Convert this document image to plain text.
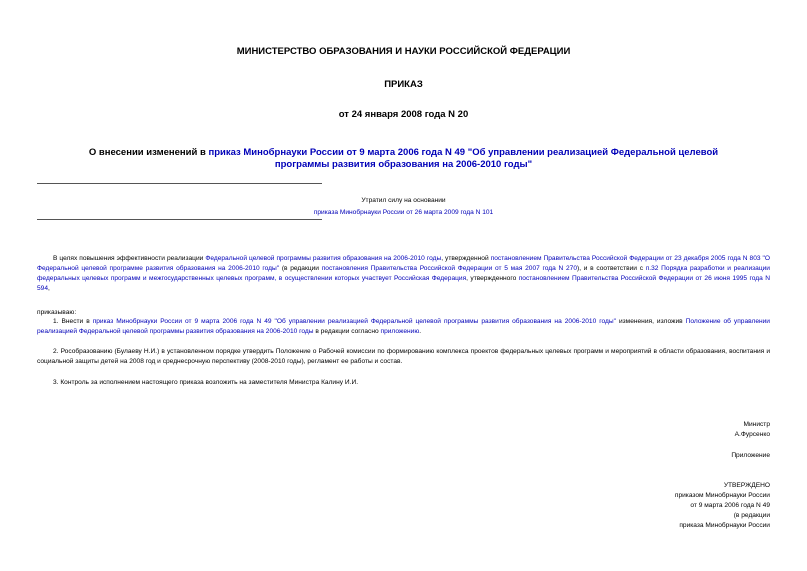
МИНИСТЕРСТВО ОБРАЗОВАНИЯ И НАУКИ РОССИЙСКОЙ ФЕДЕРАЦИИ
ПРИКАЗ
от 24 января 2008 года N 20
О внесении изменений в приказ Минобрнауки России от 9 марта 2006 года N 49 "Об управлении реализацией Федеральной целевой программы развития образования на 2006-2010 годы"
Утратил силу на основании
приказа Минобрнауки России от 26 марта 2009 года N 101
В целях повышения эффективности реализации Федеральной целевой программы развития образования на 2006-2010 годы, утвержденной постановлением Правительства Российской Федерации от 23 декабря 2005 года N 803 "О Федеральной целевой программе развития образования на 2006-2010 годы" (в редакции постановления Правительства Российской Федерации от 5 мая 2007 года N 270), и в соответствии с п.32 Порядка разработки и реализации федеральных целевых программ и межгосударственных целевых программ, в осуществлении которых участвует Российская Федерация, утвержденного постановлением Правительства Российской Федерации от 26 июня 1995 года N 594,
приказываю:
1. Внести в приказ Минобрнауки России от 9 марта 2006 года N 49 "Об управлении реализацией Федеральной целевой программы развития образования на 2006-2010 годы" изменения, изложив Положение об управлении реализацией Федеральной целевой программы развития образования на 2006-2010 годы в редакции согласно приложению.
2. Рособразованию (Булаеву Н.И.) в установленном порядке утвердить Положение о Рабочей комиссии по формированию комплекса проектов федеральных целевых программ и мероприятий в области образования, воспитания и социальной защиты детей на 2008 год и среднесрочную перспективу (2008-2010 годы), регламент ее работы и состав.
3. Контроль за исполнением настоящего приказа возложить на заместителя Министра Калину И.И.
Министр
А.Фурсенко
Приложение
УТВЕРЖДЕНО
приказом Минобрнауки России
от 9 марта 2006 года N 49
(в редакции
приказа Минобрнауки России
